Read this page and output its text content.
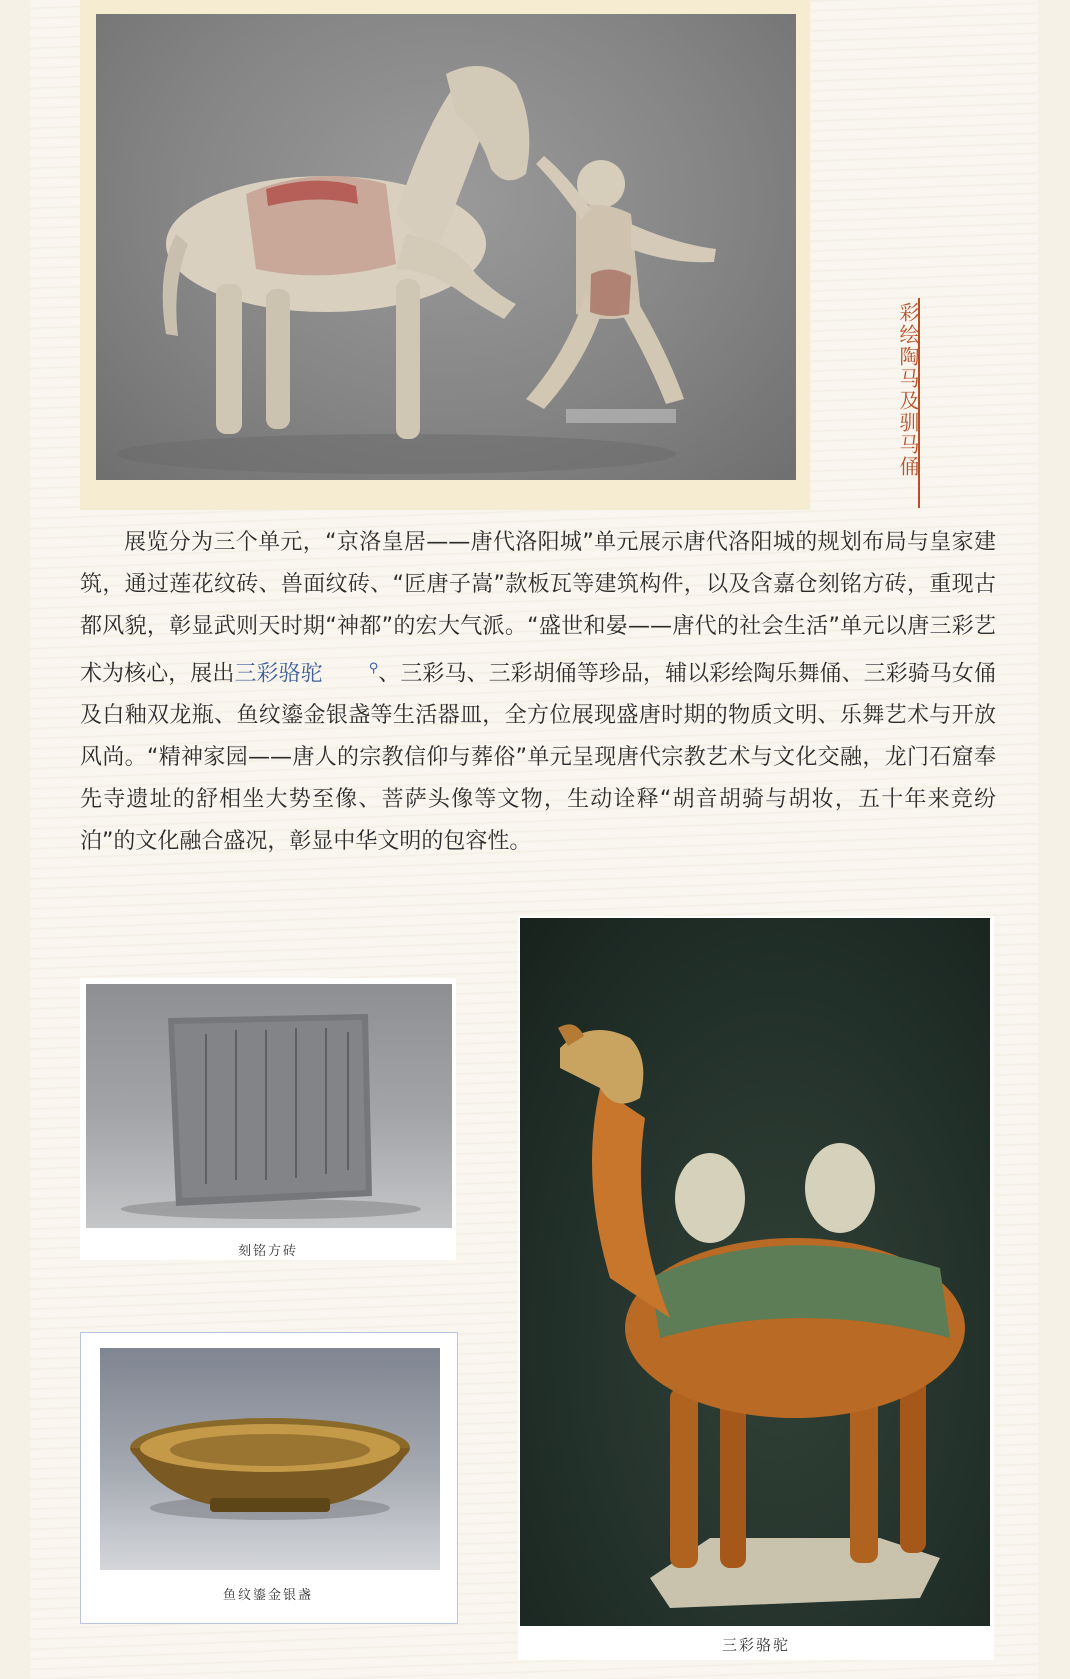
彩绘陶马及驯马俑

展览分为三个单元，“京洛皇居——唐代洛阳城”单元展示唐代洛阳城的规划布局与皇家建筑，通过莲花纹砖、兽面纹砖、“匠唐子嵩”款板瓦等建筑构件，以及含嘉仓刻铭方砖，重现古都风貌，彰显武则天时期“神都”的宏大气派。“盛世和晏——唐代的社会生活”单元以唐三彩艺术为核心，展出三彩骆驼	⚲、三彩马、三彩胡俑等珍品，辅以彩绘陶乐舞俑、三彩骑马女俑及白釉双龙瓶、鱼纹鎏金银盏等生活器皿，全方位展现盛唐时期的物质文明、乐舞艺术与开放风尚。“精神家园——唐人的宗教信仰与葬俗”单元呈现唐代宗教艺术与文化交融，龙门石窟奉先寺遗址的舒相坐大势至像、菩萨头像等文物，生动诠释“胡音胡骑与胡妆，五十年来竞纷泊”的文化融合盛况，彰显中华文明的包容性。

刻铭方砖
鱼纹鎏金银盏
三彩骆驼
